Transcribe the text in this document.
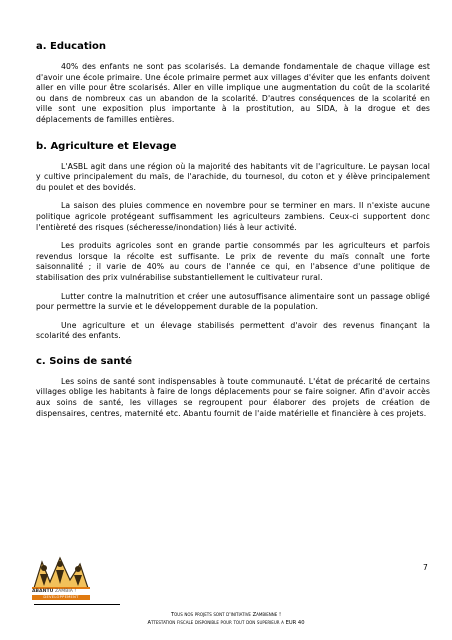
a. Education

40% des enfants ne sont pas scolarisés. La demande fondamentale de chaque village est d'avoir une école primaire. Une école primaire permet aux villages d'éviter que les enfants doivent aller en ville pour être scolarisés. Aller en ville implique une augmentation du coût de la scolarité ou dans de nombreux cas un abandon de la scolarité. D'autres conséquences de la scolarité en ville sont une exposition plus importante à la prostitution, au SIDA, à la drogue et des déplacements de familles entières.

b. Agriculture et Elevage

L'ASBL agit dans une région où la majorité des habitants vit de l'agriculture. Le paysan local y cultive principalement du maïs, de l'arachide, du tournesol, du coton et y élève principalement du poulet et des bovidés.

La saison des pluies commence en novembre pour se terminer en mars. Il n'existe aucune politique agricole protégeant suffisamment les agriculteurs zambiens. Ceux-ci supportent donc l'entièreté des risques (sécheresse/inondation) liés à leur activité.

Les produits agricoles sont en grande partie consommés par les agriculteurs et parfois revendus lorsque la récolte est suffisante. Le prix de revente du maïs connaît une forte saisonnalité ; il varie de 40% au cours de l'année ce qui, en l'absence d'une politique de stabilisation des prix vulnérabilise substantiellement le cultivateur rural.

Lutter contre la malnutrition et créer une autosuffisance alimentaire sont un passage obligé pour permettre la survie et le développement durable de la population.

Une agriculture et un élevage stabilisés permettent d'avoir des revenus finançant la scolarité des enfants.

c. Soins de santé

Les soins de santé sont indispensables à toute communauté. L'état de précarité de certains villages oblige les habitants à faire de longs déplacements pour se faire soigner. Afin d'avoir accès aux soins de santé, les villages se regroupent pour élaborer des projets de création de dispensaires, centres, maternité etc. Abantu fournit de l'aide matérielle et financière à ces projets.

7
ABANTU ZAMBIA !
DEVELOPPEMENT
Tous nos projets sont d'initiative Zambienne !
Attestation fiscale disponible pour tout don superieur a EUR 40
